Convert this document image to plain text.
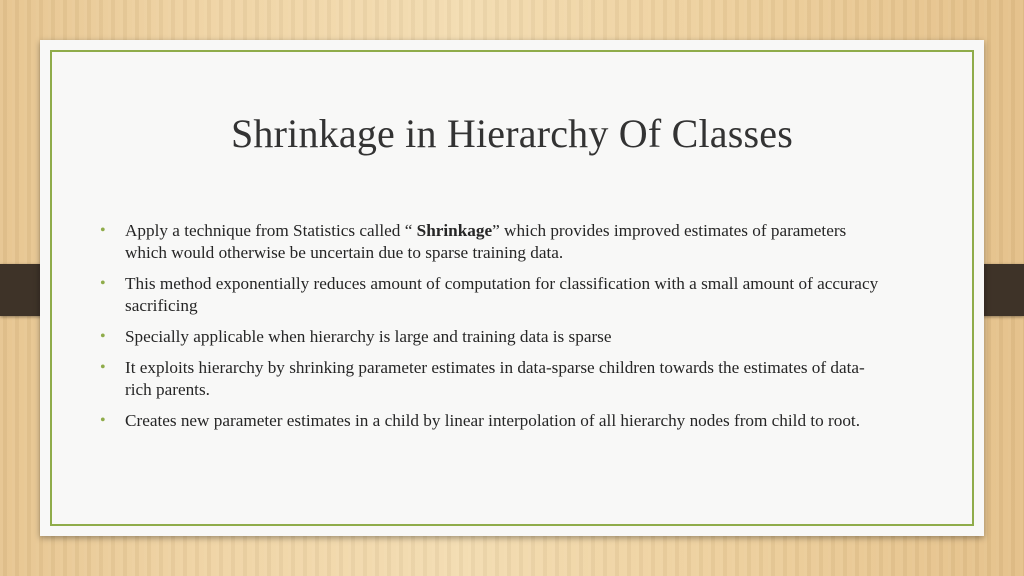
Shrinkage in Hierarchy Of Classes
• Apply a technique from Statistics called “ Shrinkage” which provides improved estimates of parameters which would otherwise be uncertain due to sparse training data.
• This method exponentially reduces amount of computation for classification with a small amount of accuracy sacrificing
• Specially applicable when hierarchy is large and training data is sparse
• It exploits hierarchy by shrinking parameter estimates in data-sparse children towards the estimates of data-rich parents.
• Creates new parameter estimates in a child by linear interpolation of all hierarchy nodes from child to root.
